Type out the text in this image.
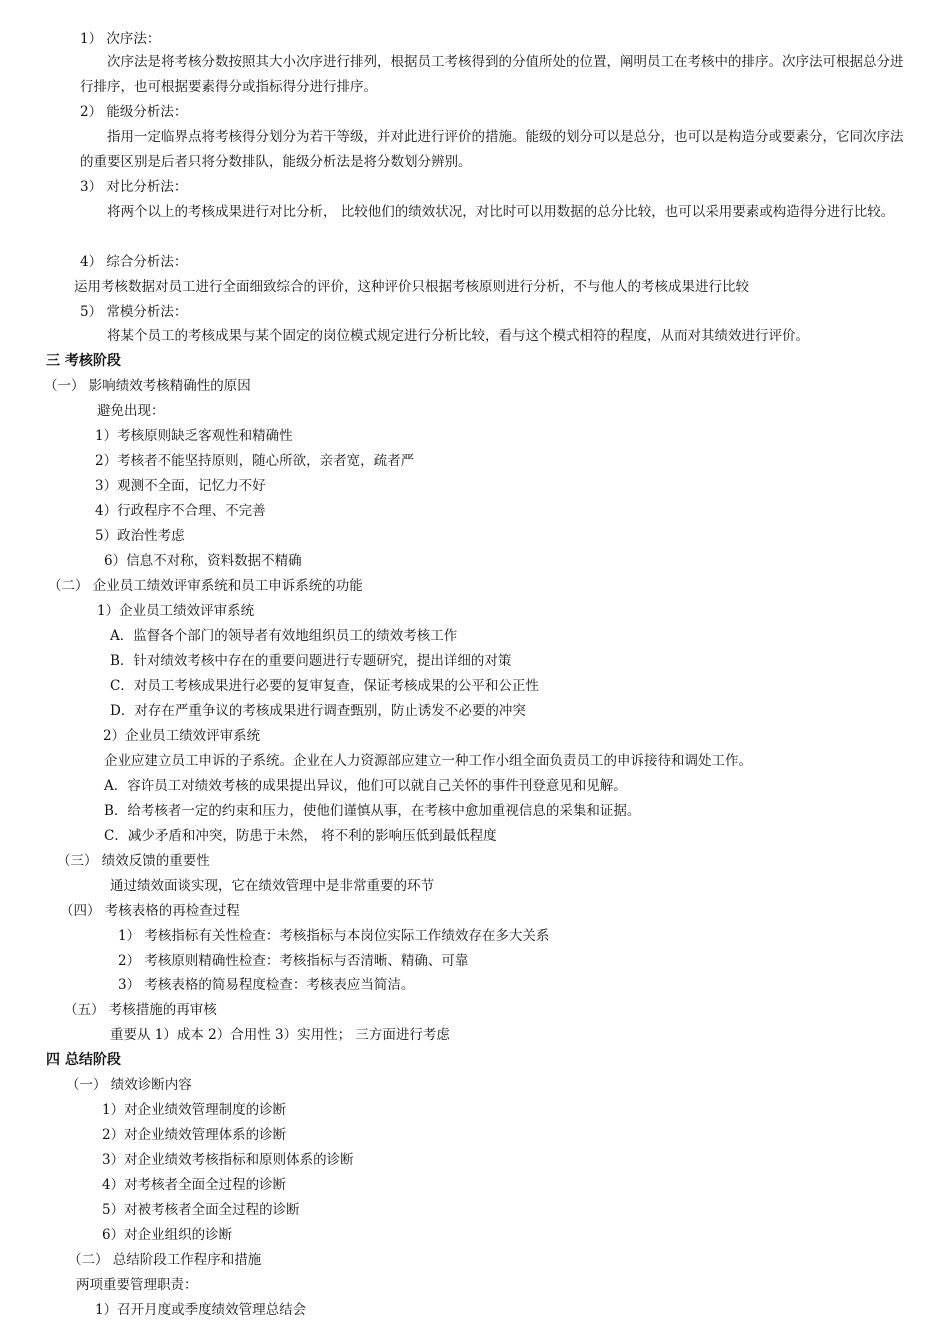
1） 次序法：
次序法是将考核分数按照其大小次序进行排列，根据员工考核得到的分值所处的位置，阐明员工在考核中的排序。次序法可根据总分进行排序，也可根据要素得分或指标得分进行排序。
2） 能级分析法：
指用一定临界点将考核得分划分为若干等级，并对此进行评价的措施。能级的划分可以是总分，也可以是构造分或要素分，它同次序法的重要区别是后者只将分数排队，能级分析法是将分数划分辨别。
3） 对比分析法：
将两个以上的考核成果进行对比分析， 比较他们的绩效状况，对比时可以用数据的总分比较，也可以采用要素或构造得分进行比较。
4） 综合分析法：
运用考核数据对员工进行全面细致综合的评价，这种评价只根据考核原则进行分析，不与他人的考核成果进行比较
5） 常模分析法：
将某个员工的考核成果与某个固定的岗位模式规定进行分析比较，看与这个模式相符的程度，从而对其绩效进行评价。
三 考核阶段
（一） 影响绩效考核精确性的原因
避免出现：
1）考核原则缺乏客观性和精确性
2）考核者不能坚持原则，随心所欲，亲者宽，疏者严
3）观测不全面，记忆力不好
4）行政程序不合理、不完善
5）政治性考虑
6）信息不对称，资料数据不精确
（二） 企业员工绩效评审系统和员工申诉系统的功能
1）企业员工绩效评审系统
A．监督各个部门的领导者有效地组织员工的绩效考核工作
B．针对绩效考核中存在的重要问题进行专题研究，提出详细的对策
C．对员工考核成果进行必要的复审复查，保证考核成果的公平和公正性
D．对存在严重争议的考核成果进行调查甄别，防止诱发不必要的冲突
2）企业员工绩效评审系统
企业应建立员工申诉的子系统。企业在人力资源部应建立一种工作小组全面负责员工的申诉接待和调处工作。
A．容许员工对绩效考核的成果提出异议，他们可以就自己关怀的事件刊登意见和见解。
B．给考核者一定的约束和压力，使他们谨慎从事，在考核中愈加重视信息的采集和证据。
C．减少矛盾和冲突，防患于未然， 将不利的影响压低到最低程度
（三） 绩效反馈的重要性
通过绩效面谈实现，它在绩效管理中是非常重要的环节
（四） 考核表格的再检查过程
1） 考核指标有关性检查：考核指标与本岗位实际工作绩效存在多大关系
2） 考核原则精确性检查：考核指标与否清晰、精确、可靠
3） 考核表格的简易程度检查：考核表应当简洁。
（五） 考核措施的再审核
重要从 1）成本 2）合用性 3）实用性； 三方面进行考虑
四 总结阶段
（一） 绩效诊断内容
1）对企业绩效管理制度的诊断
2）对企业绩效管理体系的诊断
3）对企业绩效考核指标和原则体系的诊断
4）对考核者全面全过程的诊断
5）对被考核者全面全过程的诊断
6）对企业组织的诊断
（二） 总结阶段工作程序和措施
两项重要管理职责：
1）召开月度或季度绩效管理总结会
